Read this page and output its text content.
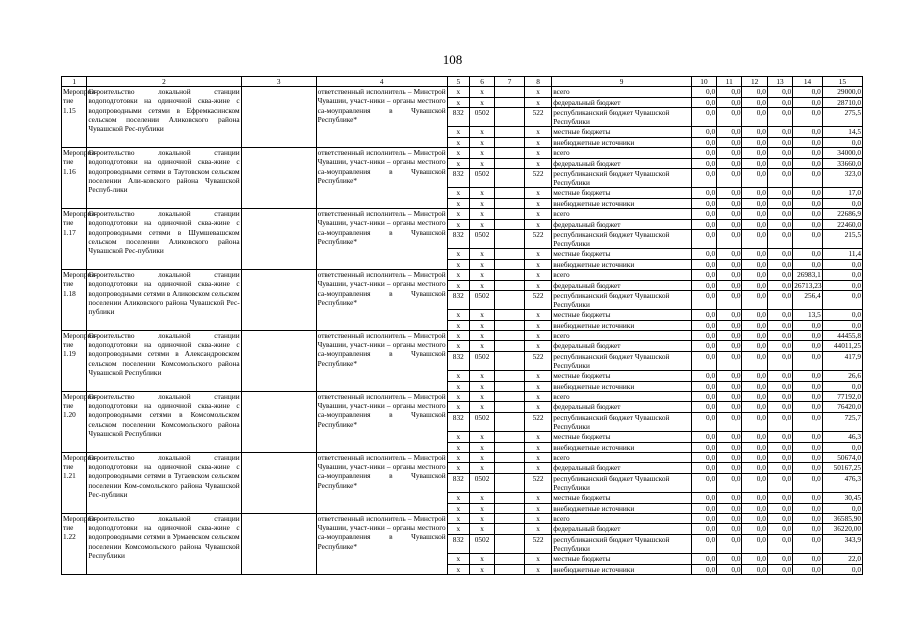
108
1	2	3	4	5	6	7	8	9	10	11	12	13	14	15
Мероприя-тие 1.15	Строительство локальной станции водоподготовки на одиночной сква-жине с водопроводными сетями в Ефремкасинском сельском поселении Аликовского района Чувашской Рес-публики		ответственный исполнитель – Минстрой Чувашии, участ-ники – органы местного са-моуправления в Чувашской Республике*	x	x		x	всего	0,0	0,0	0,0	0,0	0,0	29000,0
				x	x		x	федеральный бюджет	0,0	0,0	0,0	0,0	0,0	28710,0
				832	0502		522	республиканский бюджет Чувашской Республики	0,0	0,0	0,0	0,0	0,0	275,5
				x	x		x	местные бюджеты	0,0	0,0	0,0	0,0	0,0	14,5
				x	x		x	внебюджетные источники	0,0	0,0	0,0	0,0	0,0	0,0
Мероприя-тие 1.16	Строительство локальной станции водоподготовки на одиночной сква-жине с водопроводными сетями в Таутовском сельском поселении Али-ковского района Чувашской Респуб-лики		ответственный исполнитель – Минстрой Чувашии, участ-ники – органы местного са-моуправления в Чувашской Республике*	x	x		x	всего	0,0	0,0	0,0	0,0	0,0	34000,0
				x	x		x	федеральный бюджет	0,0	0,0	0,0	0,0	0,0	33660,0
				832	0502		522	республиканский бюджет Чувашской Республики	0,0	0,0	0,0	0,0	0,0	323,0
				x	x		x	местные бюджеты	0,0	0,0	0,0	0,0	0,0	17,0
				x	x		x	внебюджетные источники	0,0	0,0	0,0	0,0	0,0	0,0
Мероприя-тие 1.17	Строительство локальной станции водоподготовки на одиночной сква-жине с водопроводными сетями в Шумшевашском сельском поселении Аликовского района Чувашской Рес-публики		ответственный исполнитель – Минстрой Чувашии, участ-ники – органы местного са-моуправления в Чувашской Республике*	x	x		x	всего	0,0	0,0	0,0	0,0	0,0	22686,9
				x	x		x	федеральный бюджет	0,0	0,0	0,0	0,0	0,0	22460,0
				832	0502		522	республиканский бюджет Чувашской Республики	0,0	0,0	0,0	0,0	0,0	215,5
				x	x		x	местные бюджеты	0,0	0,0	0,0	0,0	0,0	11,4
				x	x		x	внебюджетные источники	0,0	0,0	0,0	0,0	0,0	0,0
Мероприя-тие 1.18	Строительство локальной станции водоподготовки на одиночной сква-жине с водопроводными сетями в Аликовском сельском поселении Аликовского района Чувашской Рес-публики		ответственный исполнитель – Минстрой Чувашии, участ-ники – органы местного са-моуправления в Чувашской Республике*	x	x		x	всего	0,0	0,0	0,0	0,0	26983,1	0,0
				x	x		x	федеральный бюджет	0,0	0,0	0,0	0,0	26713,23	0,0
				832	0502		522	республиканский бюджет Чувашской Республики	0,0	0,0	0,0	0,0	256,4	0,0
				x	x		x	местные бюджеты	0,0	0,0	0,0	0,0	13,5	0,0
				x	x		x	внебюджетные источники	0,0	0,0	0,0	0,0	0,0	0,0
Мероприя-тие 1.19	Строительство локальной станции водоподготовки на одиночной сква-жине с водопроводными сетями в Александровском сельском поселении Комсомольского района Чувашской Республики		ответственный исполнитель – Минстрой Чувашии, участ-ники – органы местного са-моуправления в Чувашской Республике*	x	x		x	всего	0,0	0,0	0,0	0,0	0,0	44455,8
				x	x		x	федеральный бюджет	0,0	0,0	0,0	0,0	0,0	44011,25
				832	0502		522	республиканский бюджет Чувашской Республики	0,0	0,0	0,0	0,0	0,0	417,9
				x	x		x	местные бюджеты	0,0	0,0	0,0	0,0	0,0	26,6
				x	x		x	внебюджетные источники	0,0	0,0	0,0	0,0	0,0	0,0
Мероприя-тие 1.20	Строительство локальной станции водоподготовки на одиночной сква-жине с водопроводными сетями в Комсомольском сельском поселении Комсомольского района Чувашской Республики		ответственный исполнитель – Минстрой Чувашии, участ-ники – органы местного са-моуправления в Чувашской Республике*	x	x		x	всего	0,0	0,0	0,0	0,0	0,0	77192,0
				x	x		x	федеральный бюджет	0,0	0,0	0,0	0,0	0,0	76420,0
				832	0502		522	республиканский бюджет Чувашской Республики	0,0	0,0	0,0	0,0	0,0	725,7
				x	x		x	местные бюджеты	0,0	0,0	0,0	0,0	0,0	46,3
				x	x		x	внебюджетные источники	0,0	0,0	0,0	0,0	0,0	0,0
Мероприя-тие 1.21	Строительство локальной станции водоподготовки на одиночной сква-жине с водопроводными сетями в Тугаевском сельском поселении Ком-сомольского района Чувашской Рес-публики		ответственный исполнитель – Минстрой Чувашии, участ-ники – органы местного са-моуправления в Чувашской Республике*	x	x		x	всего	0,0	0,0	0,0	0,0	0,0	50674,0
				x	x		x	федеральный бюджет	0,0	0,0	0,0	0,0	0,0	50167,25
				832	0502		522	республиканский бюджет Чувашской Республики	0,0	0,0	0,0	0,0	0,0	476,3
				x	x		x	местные бюджеты	0,0	0,0	0,0	0,0	0,0	30,45
				x	x		x	внебюджетные источники	0,0	0,0	0,0	0,0	0,0	0,0
Мероприя-тие 1.22	Строительство локальной станции водоподготовки на одиночной сква-жине с водопроводными сетями в Урмаевском сельском поселении Комсомольского района Чувашской Республики		ответственный исполнитель – Минстрой Чувашии, участ-ники – органы местного са-моуправления в Чувашской Республике*	x	x		x	всего	0,0	0,0	0,0	0,0	0,0	36585,90
				x	x		x	федеральный бюджет	0,0	0,0	0,0	0,0	0,0	36220,00
				832	0502		522	республиканский бюджет Чувашской Республики	0,0	0,0	0,0	0,0	0,0	343,9
				x	x		x	местные бюджеты	0,0	0,0	0,0	0,0	0,0	22,0
				x	x		x	внебюджетные источники	0,0	0,0	0,0	0,0	0,0	0,0
